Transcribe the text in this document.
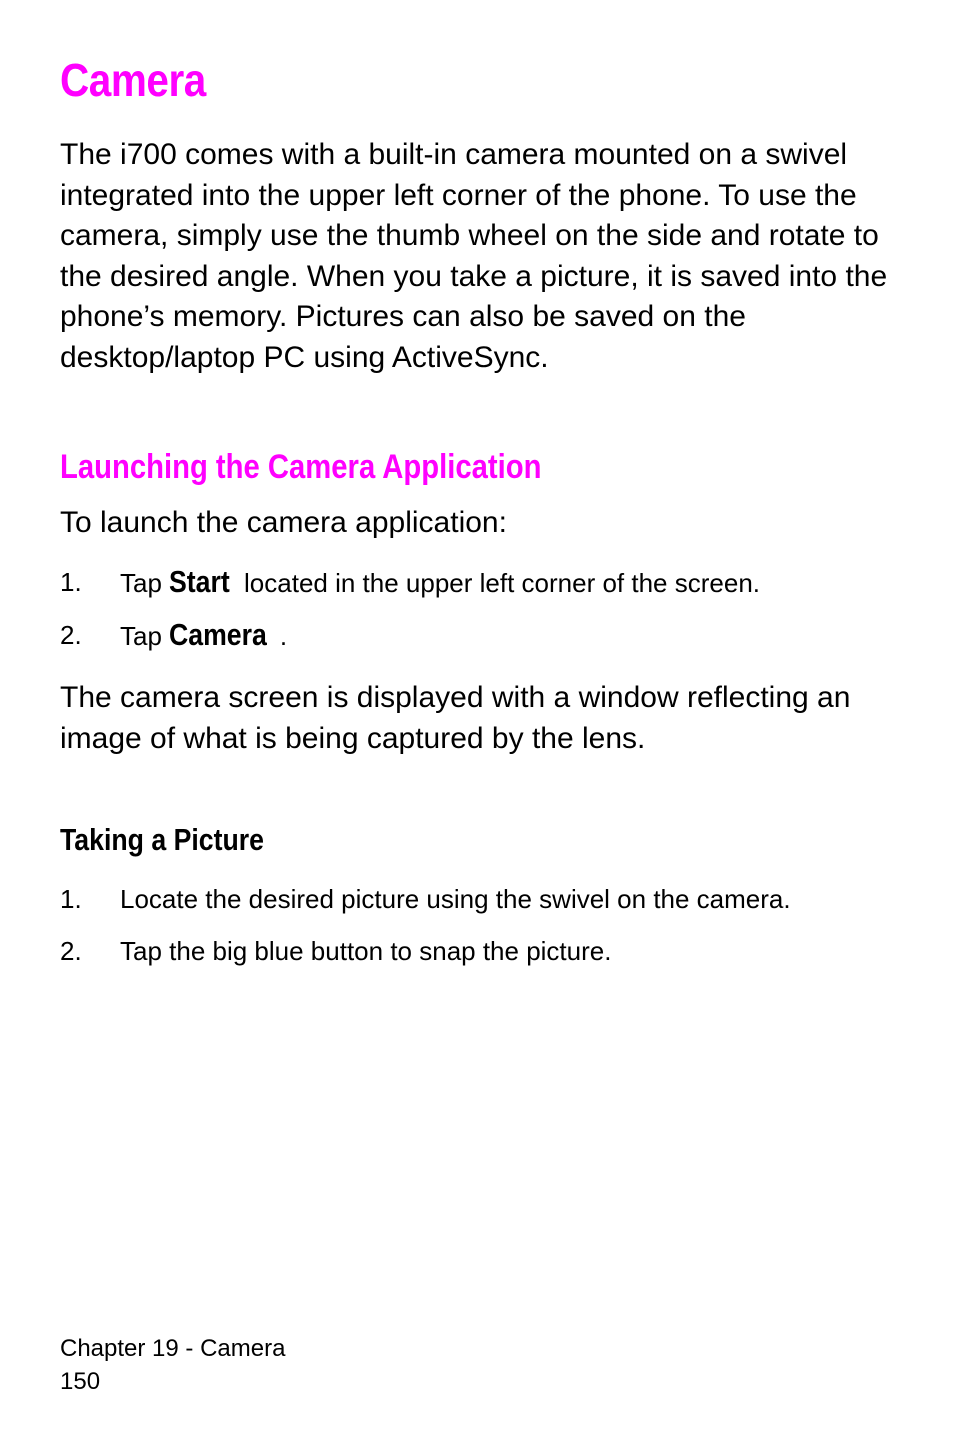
Camera

The i700 comes with a built-in camera mounted on a swivel integrated into the upper left corner of the phone. To use the camera, simply use the thumb wheel on the side and rotate to the desired angle. When you take a picture, it is saved into the phone’s memory. Pictures can also be saved on the desktop/laptop PC using ActiveSync.

Launching the Camera Application

To launch the camera application:

1. Tap Start located in the upper left corner of the screen.
2. Tap Camera .

The camera screen is displayed with a window reflecting an image of what is being captured by the lens.

Taking a Picture
1. Locate the desired picture using the swivel on the camera.
2. Tap the big blue button to snap the picture.
Chapter 19 - Camera
150
